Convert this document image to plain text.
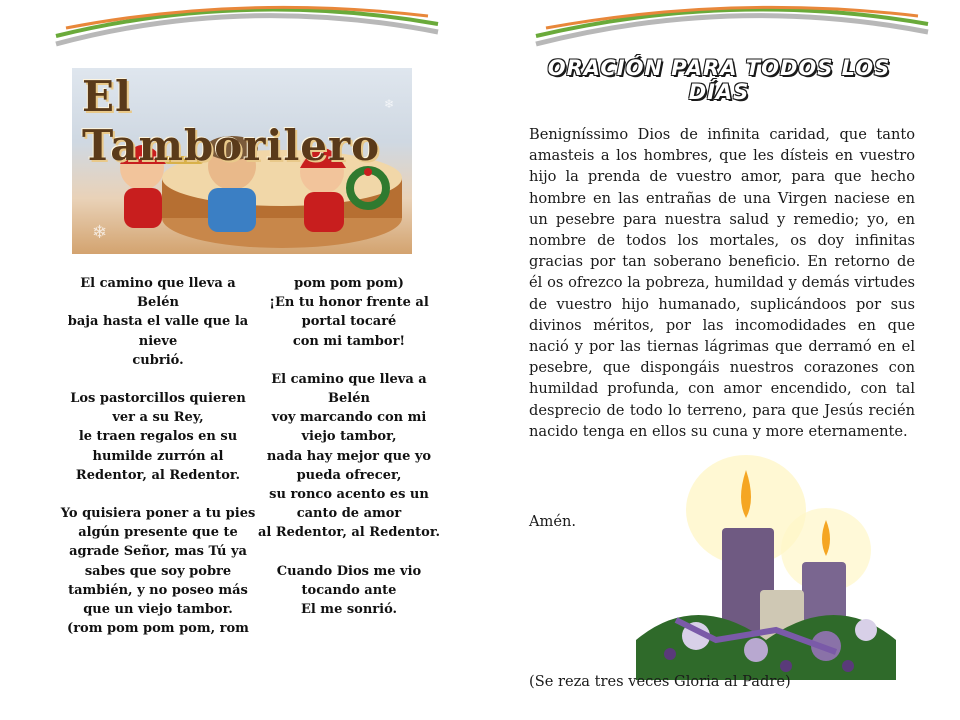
❄
❄
El Tamborilero

El camino que lleva a Belén

baja hasta el valle que la nieve

cubrió.

Los pastorcillos quieren ver a su Rey,

le traen regalos en su humilde zurrón al

Redentor, al Redentor.

Yo quisiera poner a tu pies

algún presente que te agrade Señor, mas Tú ya

sabes que soy pobre también, y no poseo más

que un viejo tambor.

(rom pom pom pom, rom

pom pom pom)

¡En tu honor frente al portal tocaré

con mi tambor!

El camino que lleva a Belén

voy marcando con mi viejo tambor,

nada hay mejor que yo pueda ofrecer,

su ronco acento es un canto de amor

al Redentor, al Redentor.

Cuando Dios me vio tocando ante

El me sonrió.

ORACIÓN PARA TODOS LOS DÍAS
Benigníssimo Dios de infinita caridad, que tanto amasteis a los hombres, que les dísteis en vuestro hijo la prenda de vuestro amor, para que hecho hombre en las entrañas de una Virgen naciese en un pesebre para nuestra salud y remedio; yo, en nombre de todos los mortales, os doy infinitas gracias por tan soberano beneficio. En retorno de él os ofrezco la pobreza, humildad y demás virtudes de vuestro hijo humanado, suplicándoos por sus divinos méritos, por las incomodidades en que nació y por las tiernas lágrimas que derramó en el pesebre, que dispongáis nuestros corazones con humildad profunda, con amor encendido, con tal desprecio de todo lo terreno, para que Jesús recién nacido tenga en ellos su cuna y more eternamente.
Amén.
(Se reza tres veces Gloria al Padre)
